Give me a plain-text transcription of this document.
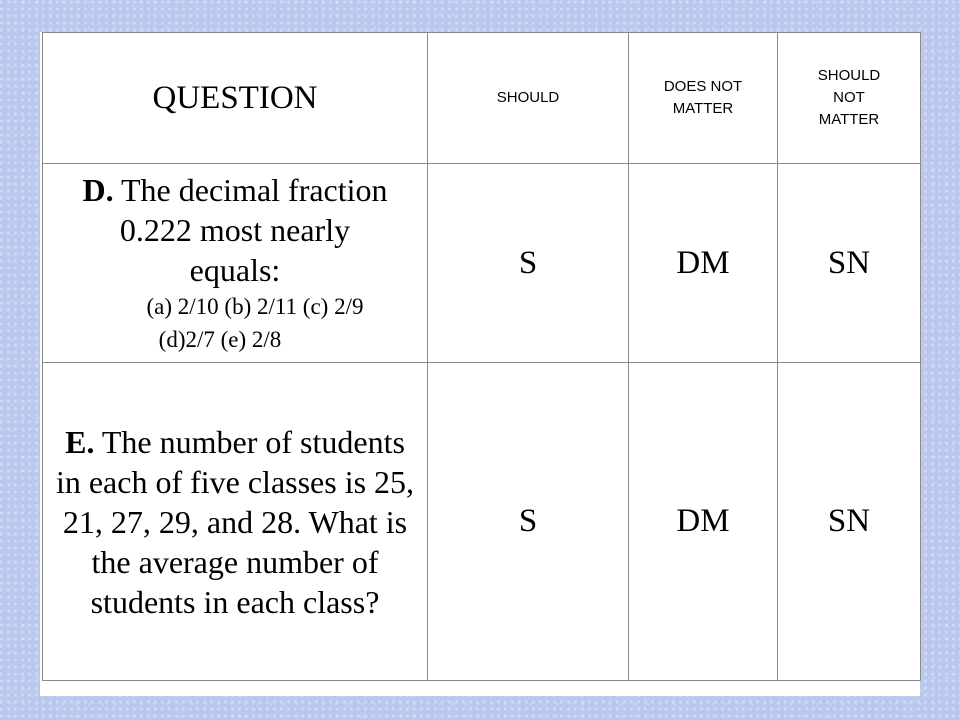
QUESTION	SHOULD	DOES NOT MATTER	SHOULD NOT MATTER

D. The decimal fraction 0.222 most nearly equals:
(a) 2/10 (b) 2/11 (c) 2/9
(d)2/7 (e) 2/8	S	DM	SN
E. The number of students in each of five classes is 25, 21, 27, 29, and 28. What is the average number of students in each class?	S	DM	SN
